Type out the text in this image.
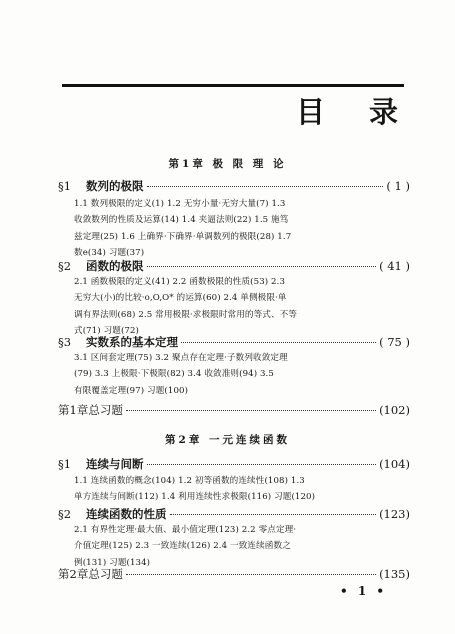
目 录
第1章 极 限 理 论
§1	数列的极限	( 1 )
1.1 数列极限的定义(1) 1.2 无穷小量·无穷大量(7) 1.3
收敛数列的性质及运算(14) 1.4 夹逼法则(22) 1.5 施笃
兹定理(25) 1.6 上确界·下确界·单调数列的极限(28) 1.7
数e(34) 习题(37)
§2	函数的极限	( 41 )
2.1 函数极限的定义(41) 2.2 函数极限的性质(53) 2.3
无穷大(小)的比较·o,O,O* 的运算(60) 2.4 单侧极限·单
调有界法则(68) 2.5 常用极限·求极限时常用的等式、不等
式(71) 习题(72)
§3	实数系的基本定理	( 75 )
3.1 区间套定理(75) 3.2 聚点存在定理·子数列收敛定理
(79) 3.3 上极限·下极限(82) 3.4 收敛准则(94) 3.5
有限覆盖定理(97) 习题(100)
第1章总习题	(102)
第2章 一元连续函数
§1	连续与间断	(104)
1.1 连续函数的概念(104) 1.2 初等函数的连续性(108) 1.3
单方连续与间断(112) 1.4 利用连续性求极限(116) 习题(120)
§2	连续函数的性质	(123)
2.1 有界性定理·最大值、最小值定理(123) 2.2 零点定理·
介值定理(125) 2.3 一致连续(126) 2.4 一致连续函数之
例(131) 习题(134)
第2章总习题	(135)
• 1 •
